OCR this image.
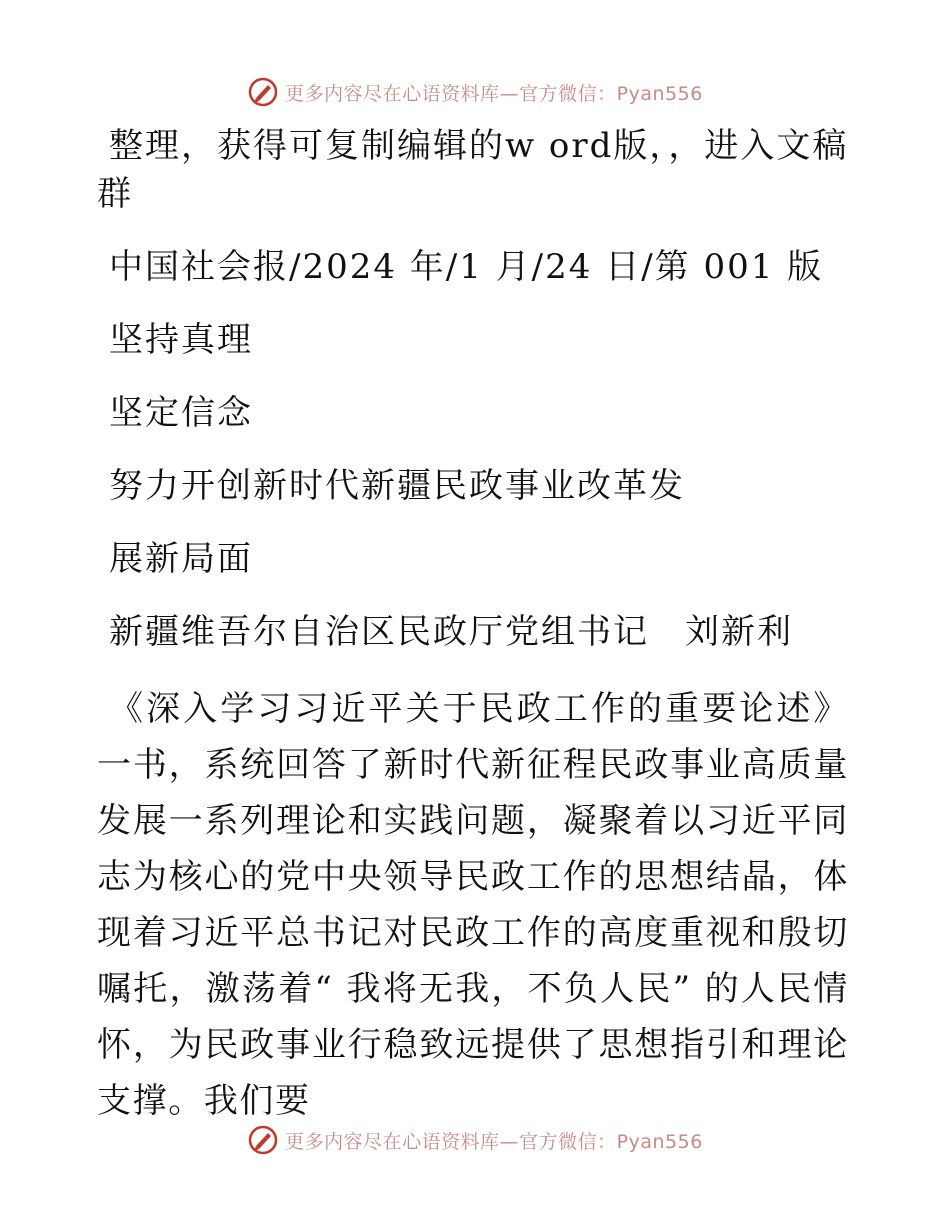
更多内容尽在心语资料库—官方微信：Pyan556

整理，获得可复制编辑的w ord版，，进入文稿

群

中国社会报/2024 年/1 月/24 日/第 001 版

坚持真理

坚定信念

努力开创新时代新疆民政事业改革发

展新局面

新疆维吾尔自治区民政厅党组书记　刘新利

《深入学习习近平关于民政工作的重要论述》一书，系统回答了新时代新征程民政事业高质量发展一系列理论和实践问题，凝聚着以习近平同志为核心的党中央领导民政工作的思想结晶，体现着习近平总书记对民政工作的高度重视和殷切嘱托，激荡着“ 我将无我，不负人民” 的人民情怀，为民政事业行稳致远提供了思想指引和理论支撑。我们要

更多内容尽在心语资料库—官方微信：Pyan556
